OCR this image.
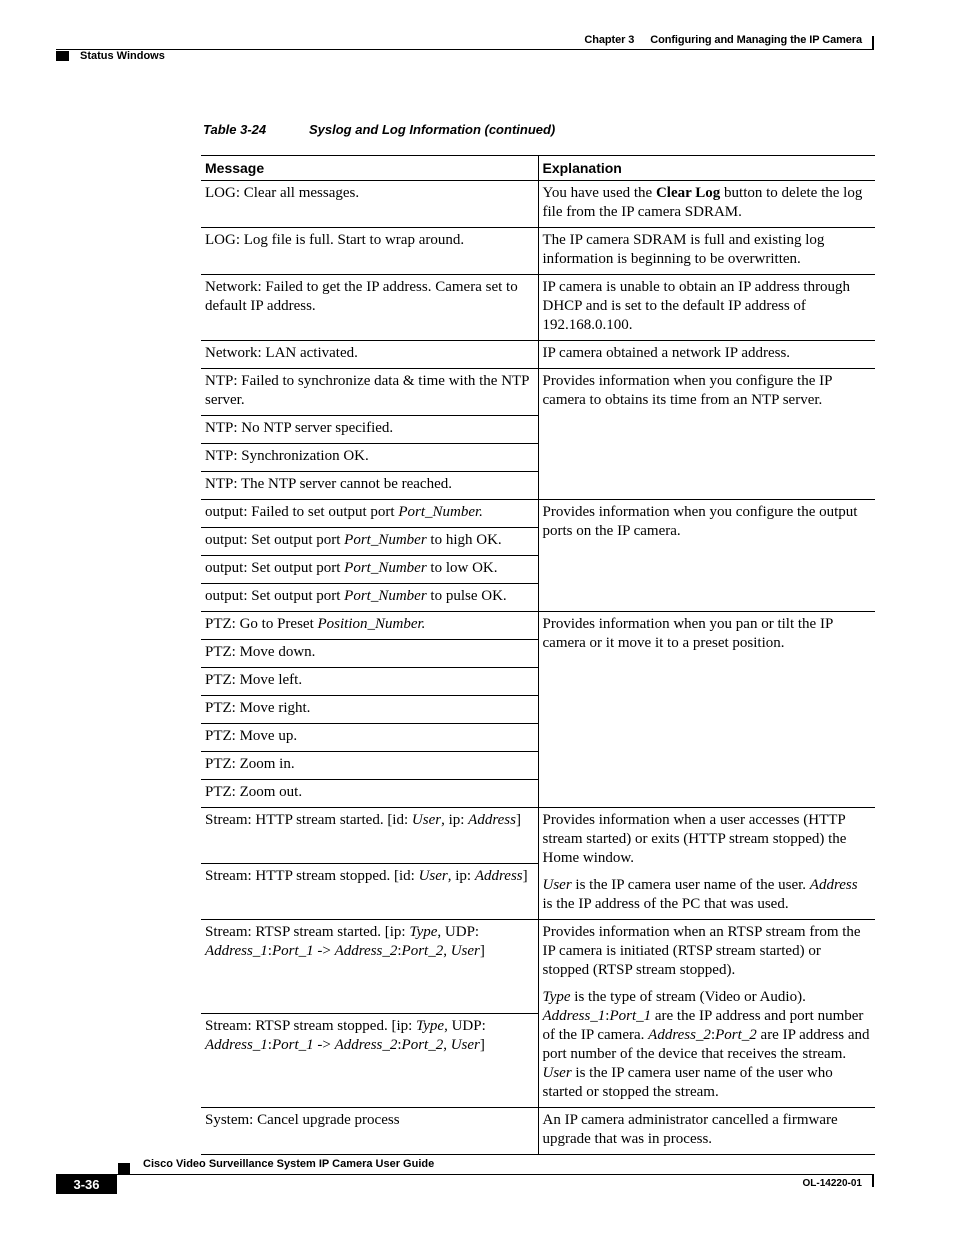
Chapter 3 Configuring and Managing the IP Camera
Status Windows
Table 3-24	Syslog and Log Information (continued)
Message	Explanation
LOG: Clear all messages.	You have used the Clear Log button to delete the log file from the IP camera SDRAM.
LOG: Log file is full. Start to wrap around.	The IP camera SDRAM is full and existing log information is beginning to be overwritten.
Network: Failed to get the IP address. Camera set to default IP address.	IP camera is unable to obtain an IP address through DHCP and is set to the default IP address of 192.168.0.100.
Network: LAN activated.	IP camera obtained a network IP address.
NTP: Failed to synchronize data & time with the NTP server.	Provides information when you configure the IP camera to obtains its time from an NTP server.
NTP: No NTP server specified.	
NTP: Synchronization OK.	
NTP: The NTP server cannot be reached.	
output: Failed to set output port Port_Number.	Provides information when you configure the output ports on the IP camera.
output: Set output port Port_Number to high OK.	
output: Set output port Port_Number to low OK.	
output: Set output port Port_Number to pulse OK.	
PTZ: Go to Preset Position_Number.	Provides information when you pan or tilt the IP camera or it move it to a preset position.
PTZ: Move down.	
PTZ: Move left.	
PTZ: Move right.	
PTZ: Move up.	
PTZ: Zoom in.	
PTZ: Zoom out.	
Stream: HTTP stream started. [id: User, ip: Address]	Provides information when a user accesses (HTTP stream started) or exits (HTTP stream stopped) the Home window.

User is the IP camera user name of the user. Address is the IP address of the PC that was used.

Stream: HTTP stream stopped. [id: User, ip: Address]	
Stream: RTSP stream started. [ip: Type, UDP: Address_1:Port_1 -> Address_2:Port_2, User]	Provides information when an RTSP stream from the IP camera is initiated (RTSP stream started) or stopped (RTSP stream stopped).

Type is the type of stream (Video or Audio). Address_1:Port_1 are the IP address and port number of the IP camera. Address_2:Port_2 are IP address and port number of the device that receives the stream. User is the IP camera user name of the user who started or stopped the stream.

Stream: RTSP stream stopped. [ip: Type, UDP: Address_1:Port_1 -> Address_2:Port_2, User]	
System: Cancel upgrade process	An IP camera administrator cancelled a firmware upgrade that was in process.
Cisco Video Surveillance System IP Camera User Guide
3-36	OL-14220-01
